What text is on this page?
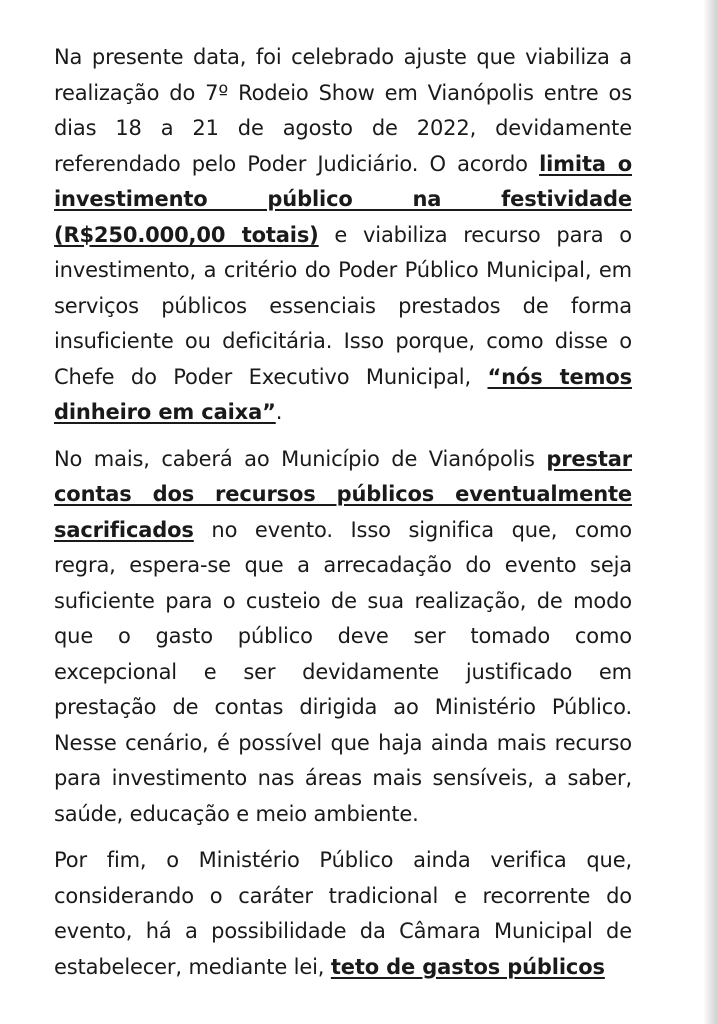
Na presente data, foi celebrado ajuste que viabiliza a realização do 7º Rodeio Show em Vianópolis entre os dias 18 a 21 de agosto de 2022, devidamente referendado pelo Poder Judiciário. O acordo limita o investimento público na festividade (R$250.000,00 totais) e viabiliza recurso para o investimento, a critério do Poder Público Municipal, em serviços públicos essenciais prestados de forma insuficiente ou deficitária. Isso porque, como disse o Chefe do Poder Executivo Municipal, “nós temos dinheiro em caixa”.

No mais, caberá ao Município de Vianópolis prestar contas dos recursos públicos eventualmente sacrificados no evento. Isso significa que, como regra, espera-se que a arrecadação do evento seja suficiente para o custeio de sua realização, de modo que o gasto público deve ser tomado como excepcional e ser devidamente justificado em prestação de contas dirigida ao Ministério Público. Nesse cenário, é possível que haja ainda mais recurso para investimento nas áreas mais sensíveis, a saber, saúde, educação e meio ambiente.

Por fim, o Ministério Público ainda verifica que, considerando o caráter tradicional e recorrente do evento, há a possibilidade da Câmara Municipal de estabelecer, mediante lei, teto de gastos públicos
